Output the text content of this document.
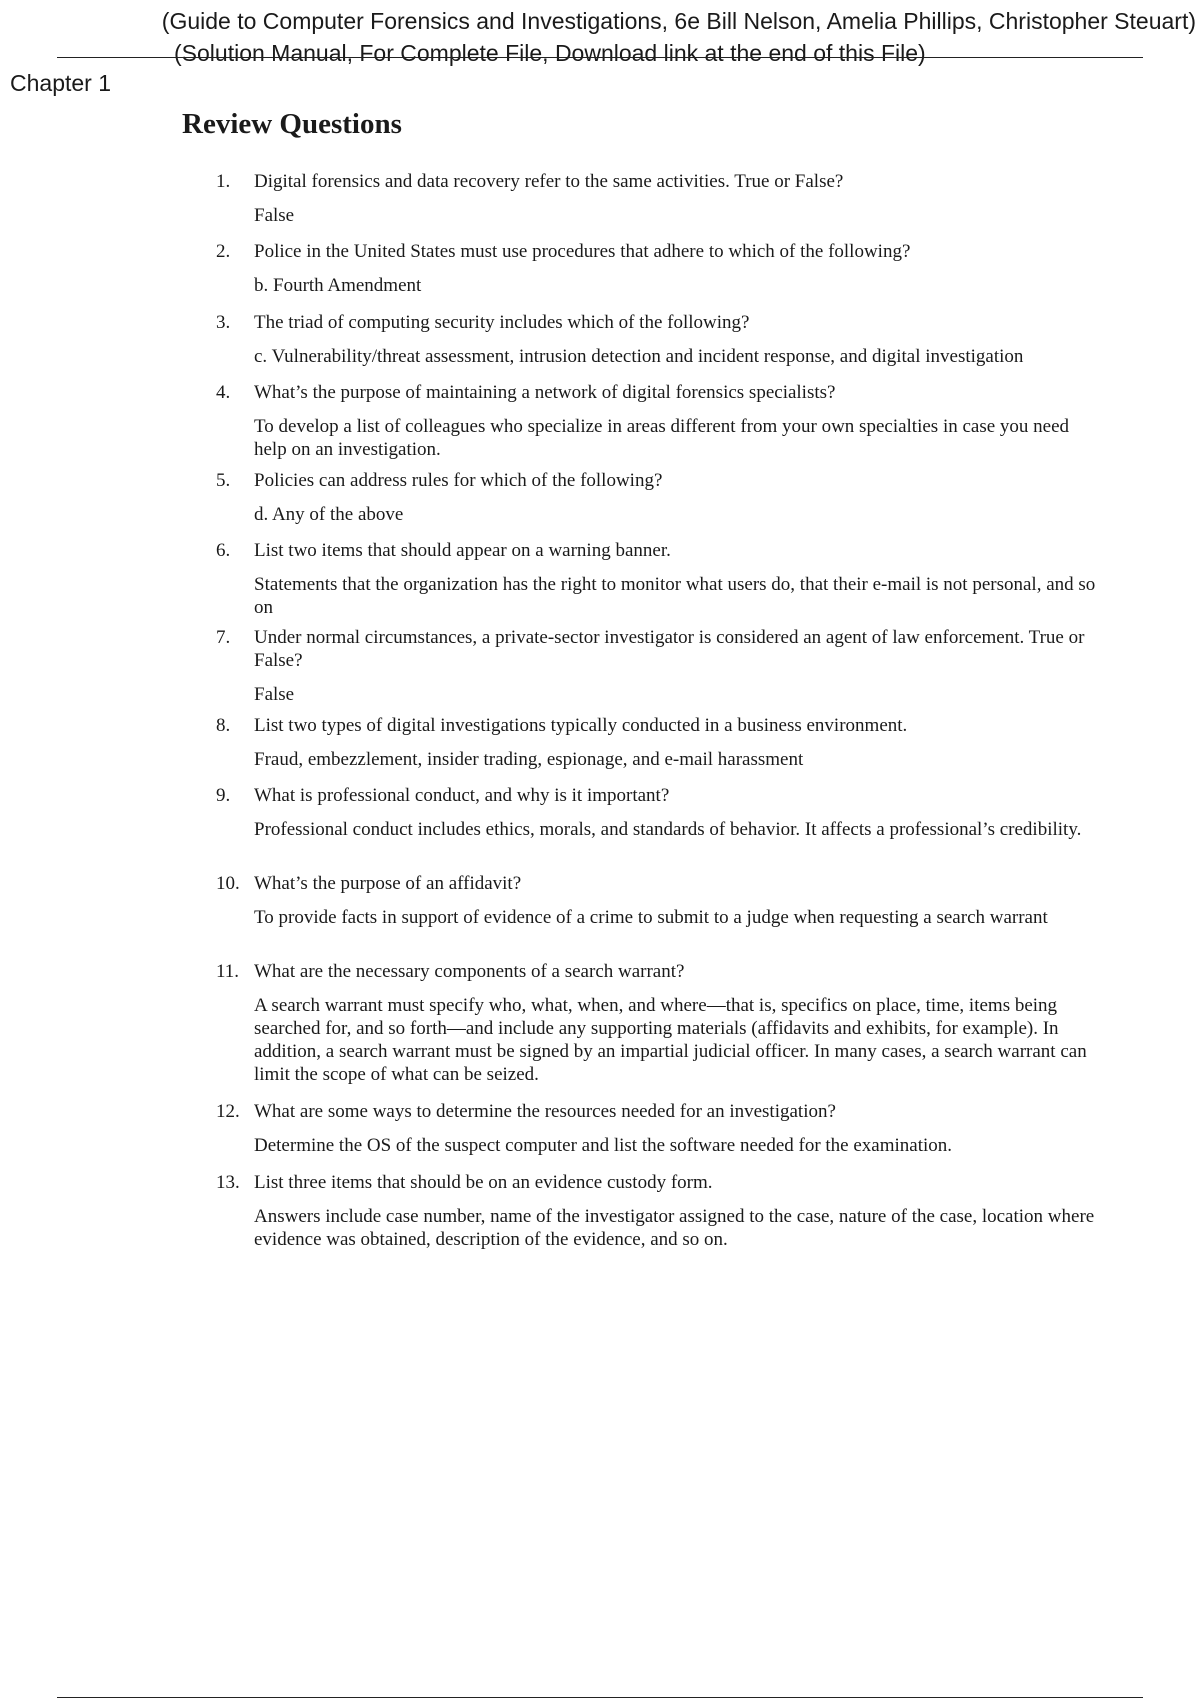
(Guide to Computer Forensics and Investigations, 6e Bill Nelson, Amelia Phillips, Christopher Steuart)
(Solution Manual, For Complete File, Download link at the end of this File)
Chapter 1
Review Questions
1.	Digital forensics and data recovery refer to the same activities. True or False?
False
2.	Police in the United States must use procedures that adhere to which of the following?
b. Fourth Amendment
3.	The triad of computing security includes which of the following?
c. Vulnerability/threat assessment, intrusion detection and incident response, and digital investigation
4.	What’s the purpose of maintaining a network of digital forensics specialists?
To develop a list of colleagues who specialize in areas different from your own specialties in case you need help on an investigation.
5.	Policies can address rules for which of the following?
d. Any of the above
6.	List two items that should appear on a warning banner.
Statements that the organization has the right to monitor what users do, that their e-mail is not personal, and so on
7.	Under normal circumstances, a private-sector investigator is considered an agent of law enforcement. True or False?
False
8.	List two types of digital investigations typically conducted in a business environment.
Fraud, embezzlement, insider trading, espionage, and e-mail harassment
9.	What is professional conduct, and why is it important?
Professional conduct includes ethics, morals, and standards of behavior. It affects a professional’s credibility.
10. What’s the purpose of an affidavit?
To provide facts in support of evidence of a crime to submit to a judge when requesting a search warrant
11. What are the necessary components of a search warrant?
A search warrant must specify who, what, when, and where—that is, specifics on place, time, items being searched for, and so forth—and include any supporting materials (affidavits and exhibits, for example). In addition, a search warrant must be signed by an impartial judicial officer. In many cases, a search warrant can limit the scope of what can be seized.
12. What are some ways to determine the resources needed for an investigation?
Determine the OS of the suspect computer and list the software needed for the examination.
13. List three items that should be on an evidence custody form.
Answers include case number, name of the investigator assigned to the case, nature of the case, location where evidence was obtained, description of the evidence, and so on.
